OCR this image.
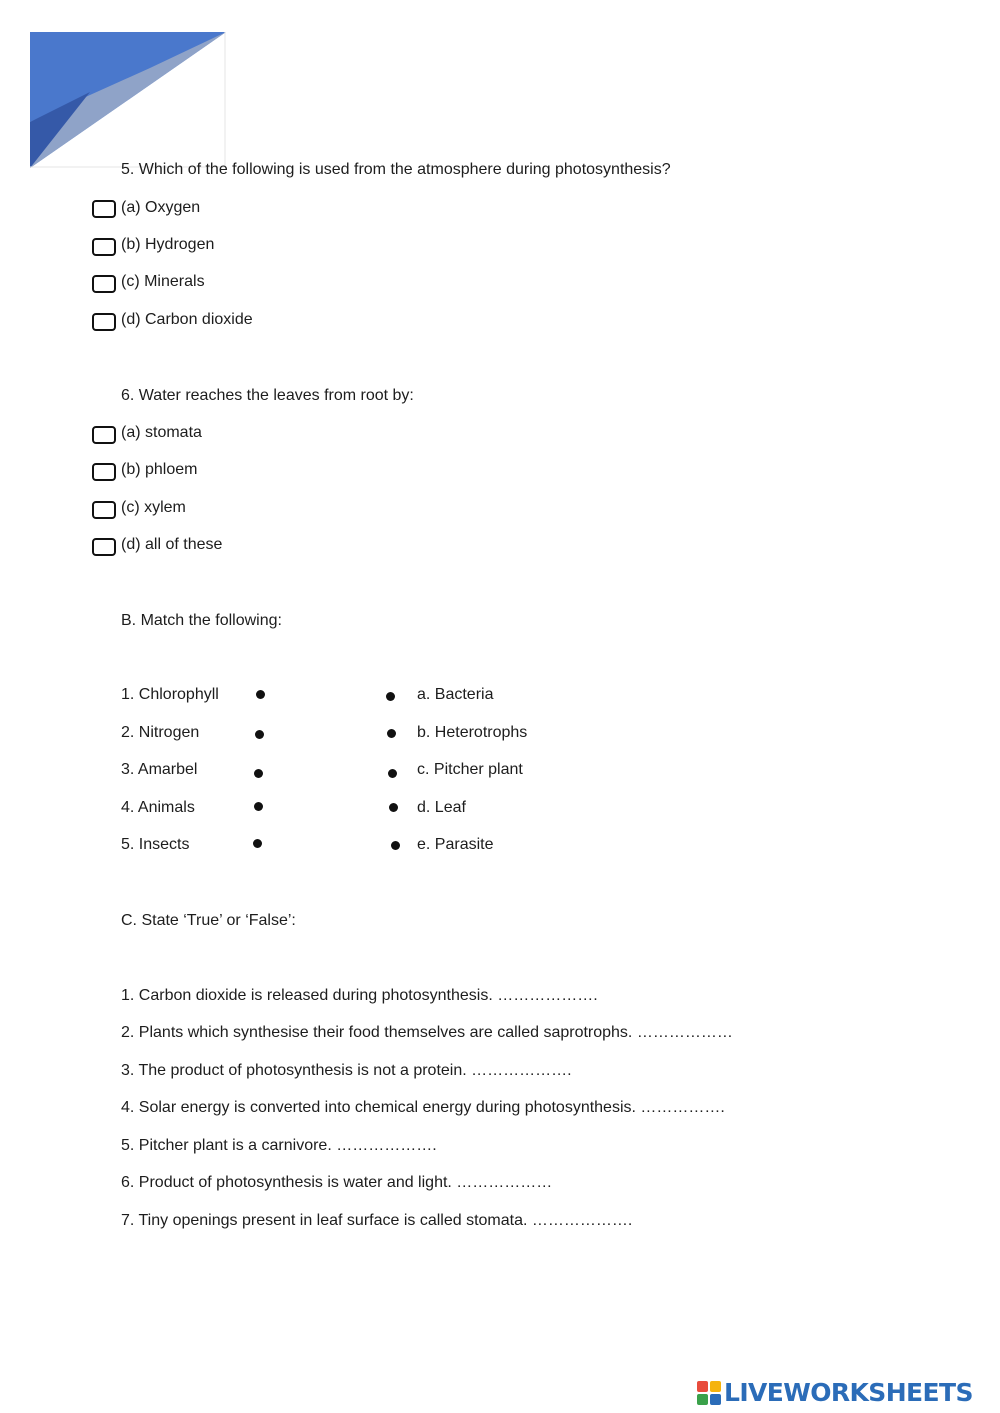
5. Which of the following is used from the atmosphere during photosynthesis?
(a) Oxygen
(b) Hydrogen
(c) Minerals
(d) Carbon dioxide
6. Water reaches the leaves from root by:
(a) stomata
(b) phloem
(c) xylem
(d) all of these
B. Match the following:
1. Chlorophyll	a. Bacteria
2. Nitrogen	b. Heterotrophs
3. Amarbel	c. Pitcher plant
4. Animals	d. Leaf
5. Insects	e. Parasite
C. State ‘True’ or ‘False’:
1. Carbon dioxide is released during photosynthesis. ……………….
2. Plants which synthesise their food themselves are called saprotrophs. ………………
3. The product of photosynthesis is not a protein. ……………….
4. Solar energy is converted into chemical energy during photosynthesis. …………….
5. Pitcher plant is a carnivore. ……………….
6. Product of photosynthesis is water and light. ………………
7. Tiny openings present in leaf surface is called stomata. ……………….
LIVEWORKSHEETS
